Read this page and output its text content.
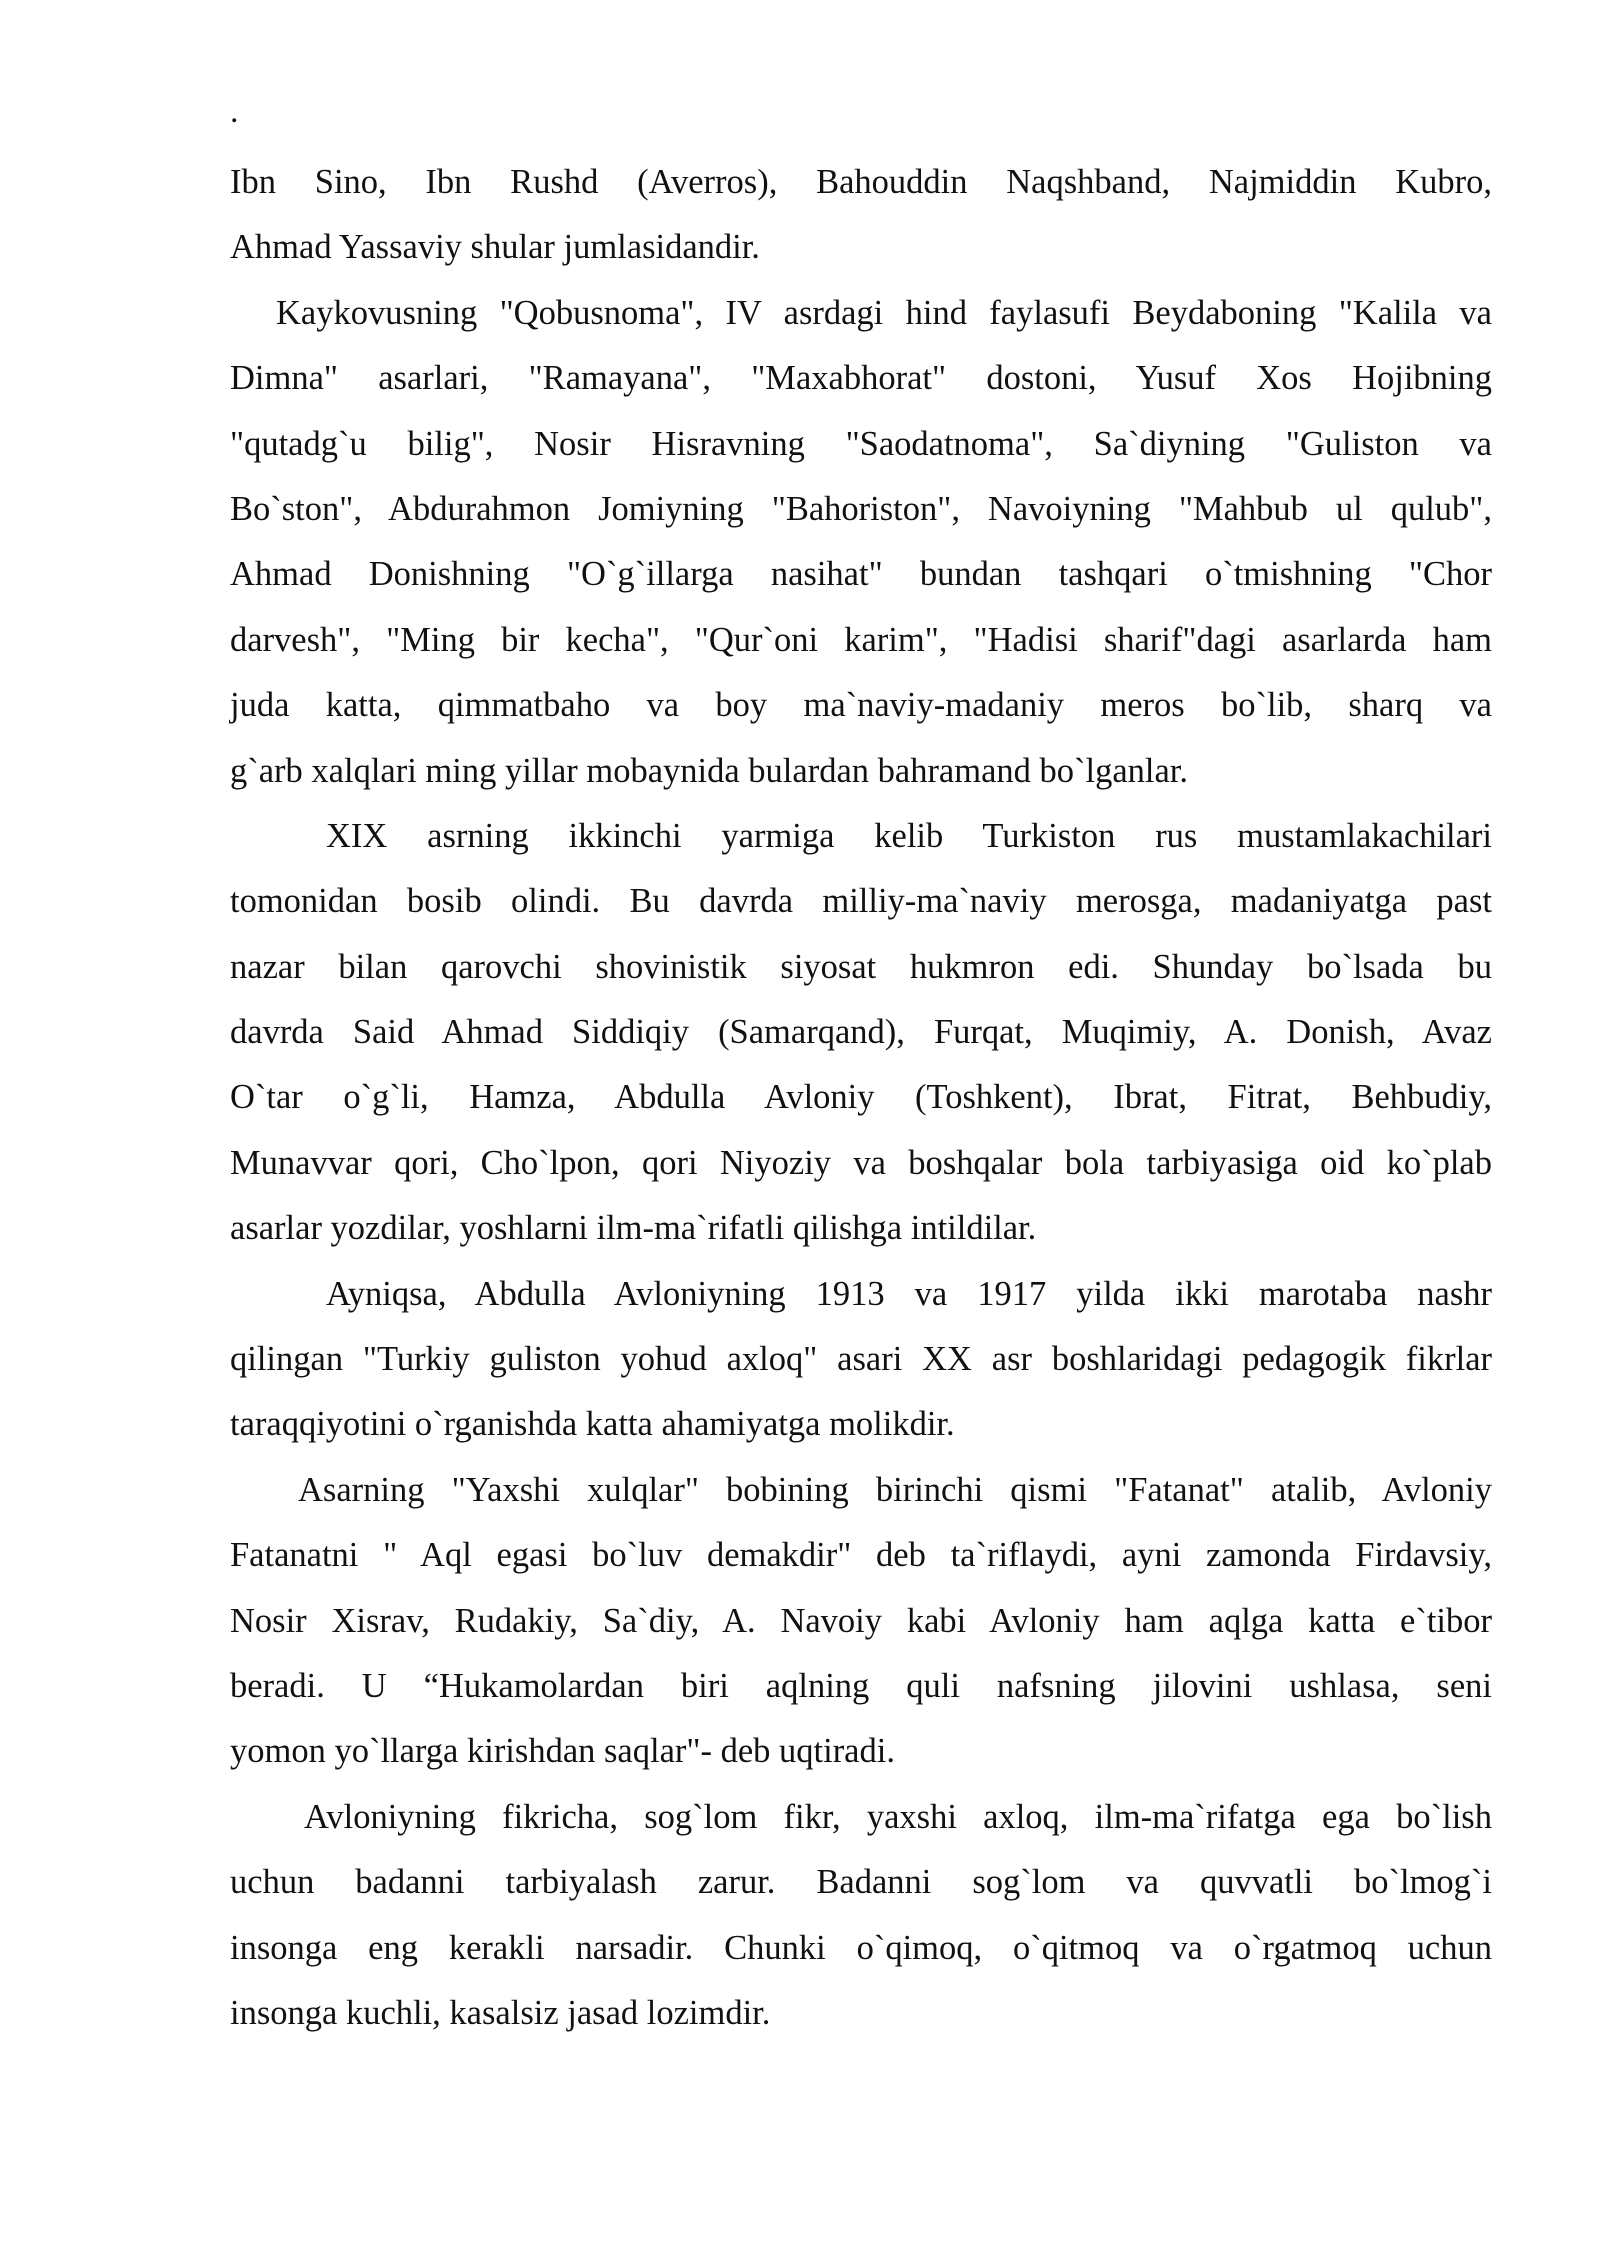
.
Ibn Sino, Ibn Rushd (Averros), Bahouddin Naqshband, Najmiddin Kubro,
Ahmad Yassaviy shular jumlasidandir.
Kaykovusning "Qobusnoma", IV asrdagi hind faylasufi Beydaboning "Kalila va
Dimna" asarlari, "Ramayana", "Maxabhorat" dostoni, Yusuf Xos Hojibning
"qutadg`u bilig", Nosir Hisravning "Saodatnoma", Sa`diyning "Guliston va
Bo`ston", Abdurahmon Jomiyning "Bahoriston", Navoiyning "Mahbub ul qulub",
Ahmad Donishning "O`g`illarga nasihat" bundan tashqari o`tmishning "Chor
darvesh", "Ming bir kecha", "Qur`oni karim", "Hadisi sharif"dagi asarlarda ham
juda katta, qimmatbaho va boy ma`naviy-madaniy meros bo`lib, sharq va
g`arb xalqlari ming yillar mobaynida bulardan bahramand bo`lganlar.
XIX asrning ikkinchi yarmiga kelib Turkiston rus mustamlakachilari
tomonidan bosib olindi. Bu davrda milliy-ma`naviy merosga, madaniyatga past
nazar bilan qarovchi shovinistik siyosat hukmron edi. Shunday bo`lsada bu
davrda Said Ahmad Siddiqiy (Samarqand), Furqat, Muqimiy, A. Donish, Avaz
O`tar o`g`li, Hamza, Abdulla Avloniy (Toshkent), Ibrat, Fitrat, Behbudiy,
Munavvar qori, Cho`lpon, qori Niyoziy va boshqalar bola tarbiyasiga oid ko`plab
asarlar yozdilar, yoshlarni ilm-ma`rifatli qilishga intildilar.
Ayniqsa, Abdulla Avloniyning 1913 va 1917 yilda ikki marotaba nashr
qilingan "Turkiy guliston yohud axloq" asari XX asr boshlaridagi pedagogik fikrlar
taraqqiyotini o`rganishda katta ahamiyatga molikdir.
Asarning "Yaxshi xulqlar" bobining birinchi qismi "Fatanat" atalib, Avloniy
Fatanatni " Aql egasi bo`luv demakdir" deb ta`riflaydi, ayni zamonda Firdavsiy,
Nosir Xisrav, Rudakiy, Sa`diy, A. Navoiy kabi Avloniy ham aqlga katta e`tibor
beradi. U “Hukamolardan biri aqlning quli nafsning jilovini ushlasa, seni
yomon yo`llarga kirishdan saqlar"- deb uqtiradi.
Avloniyning fikricha, sog`lom fikr, yaxshi axloq, ilm-ma`rifatga ega bo`lish
uchun badanni tarbiyalash zarur. Badanni sog`lom va quvvatli bo`lmog`i
insonga eng kerakli narsadir. Chunki o`qimoq, o`qitmoq va o`rgatmoq uchun
insonga kuchli, kasalsiz jasad lozimdir.
